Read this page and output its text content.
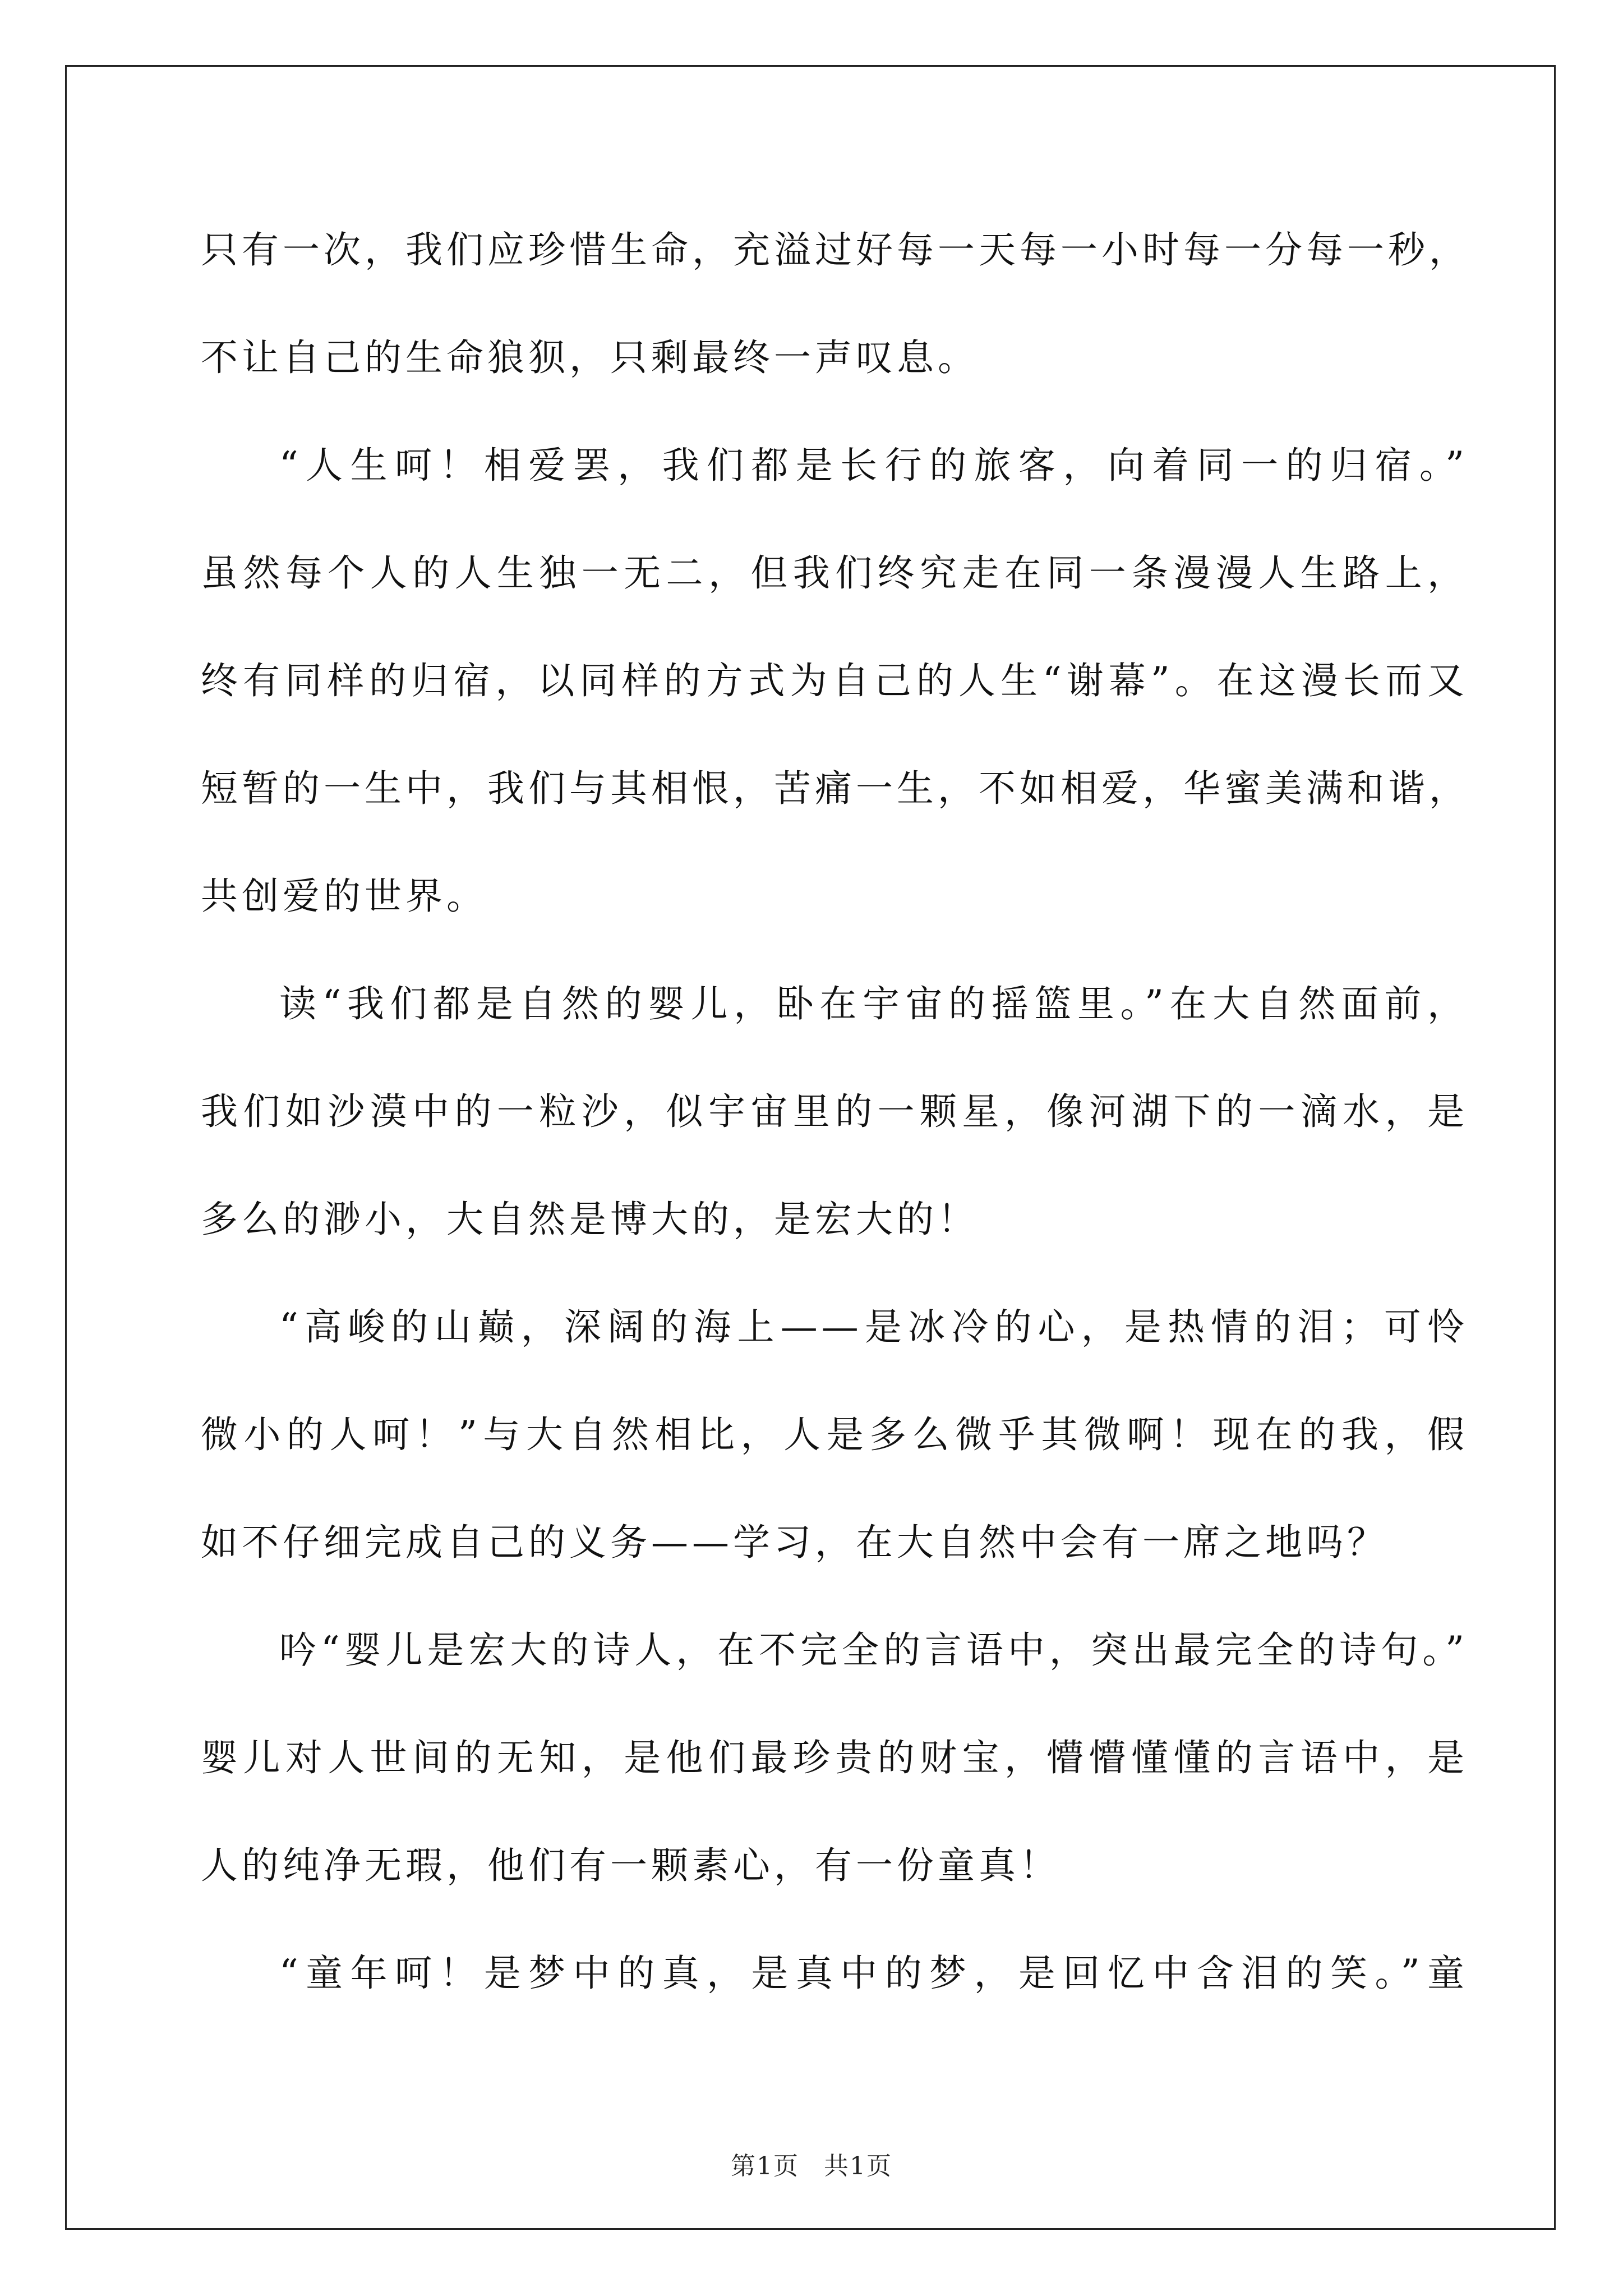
只有一次，我们应珍惜生命，充溢过好每一天每一小时每一分每一秒，
不让自己的生命狼狈，只剩最终一声叹息。
“人生呵！相爱罢，我们都是长行的旅客，向着同一的归宿。”
虽然每个人的人生独一无二，但我们终究走在同一条漫漫人生路上，
终有同样的归宿，以同样的方式为自己的人生“谢幕”。在这漫长而又
短暂的一生中，我们与其相恨，苦痛一生，不如相爱，华蜜美满和谐，
共创爱的世界。
读“我们都是自然的婴儿，卧在宇宙的摇篮里。”在大自然面前，
我们如沙漠中的一粒沙，似宇宙里的一颗星，像河湖下的一滴水，是
多么的渺小，大自然是博大的，是宏大的！
“高峻的山巅，深阔的海上——是冰冷的心，是热情的泪；可怜
微小的人呵！”与大自然相比，人是多么微乎其微啊！现在的我，假
如不仔细完成自己的义务——学习，在大自然中会有一席之地吗？
吟“婴儿是宏大的诗人，在不完全的言语中，突出最完全的诗句。”
婴儿对人世间的无知，是他们最珍贵的财宝，懵懵懂懂的言语中，是
人的纯净无瑕，他们有一颗素心，有一份童真！
“童年呵！是梦中的真，是真中的梦，是回忆中含泪的笑。”童
第1页 共1页
